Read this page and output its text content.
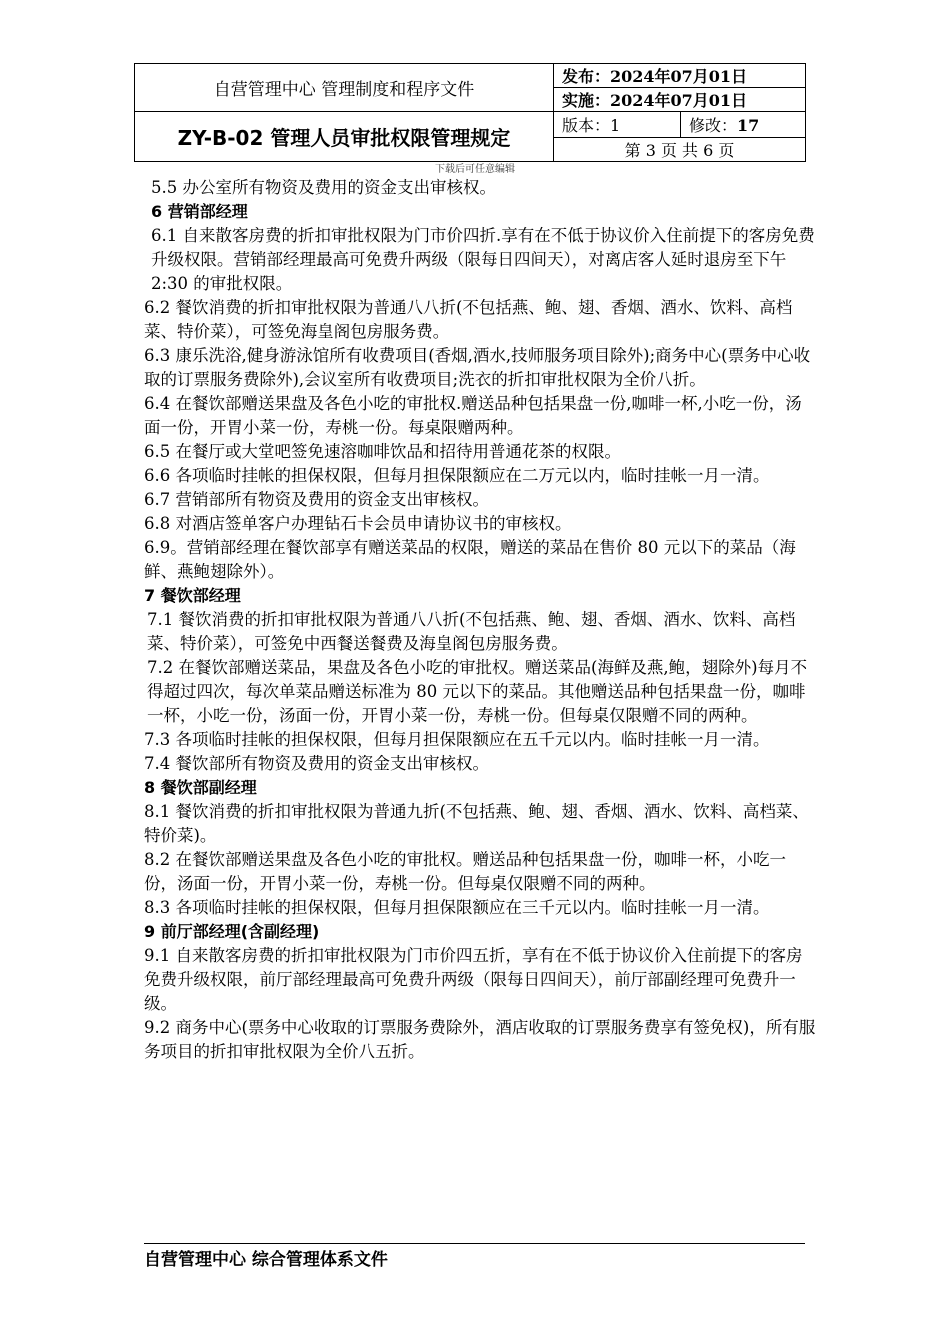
自营管理中心 管理制度和程序文件	发布：2024年07月01日	
	实施：2024年07月01日	
ZY-B-02 管理人员审批权限管理规定	版本：1	修改：17
	第 3 页 共 6 页	
下载后可任意编辑

5.5 办公室所有物资及费用的资金支出审核权。

6 营销部经理

6.1 自来散客房费的折扣审批权限为门市价四折.享有在不低于协议价入住前提下的客房免费升级权限。营销部经理最高可免费升两级（限每日四间天），对离店客人延时退房至下午 2:30 的审批权限。

6.2 餐饮消费的折扣审批权限为普通八八折(不包括燕、鲍、翅、香烟、酒水、饮料、高档菜、特价菜），可签免海皇阁包房服务费。

6.3 康乐洗浴,健身游泳馆所有收费项目(香烟,酒水,技师服务项目除外);商务中心(票务中心收取的订票服务费除外),会议室所有收费项目;洗衣的折扣审批权限为全价八折。

6.4 在餐饮部赠送果盘及各色小吃的审批权.赠送品种包括果盘一份,咖啡一杯,小吃一份，汤面一份，开胃小菜一份，寿桃一份。每桌限赠两种。

6.5 在餐厅或大堂吧签免速溶咖啡饮品和招待用普通花茶的权限。

6.6 各项临时挂帐的担保权限，但每月担保限额应在二万元以内，临时挂帐一月一清。

6.7 营销部所有物资及费用的资金支出审核权。

6.8 对酒店签单客户办理钻石卡会员申请协议书的审核权。

6.9。营销部经理在餐饮部享有赠送菜品的权限，赠送的菜品在售价 80 元以下的菜品（海鲜、燕鲍翅除外）。

7 餐饮部经理

7.1 餐饮消费的折扣审批权限为普通八八折(不包括燕、鲍、翅、香烟、酒水、饮料、高档菜、特价菜），可签免中西餐送餐费及海皇阁包房服务费。

7.2 在餐饮部赠送菜品，果盘及各色小吃的审批权。赠送菜品(海鲜及燕,鲍，翅除外)每月不得超过四次，每次单菜品赠送标准为 80 元以下的菜品。其他赠送品种包括果盘一份，咖啡一杯，小吃一份，汤面一份，开胃小菜一份，寿桃一份。但每桌仅限赠不同的两种。

7.3 各项临时挂帐的担保权限，但每月担保限额应在五千元以内。临时挂帐一月一清。

7.4 餐饮部所有物资及费用的资金支出审核权。

8 餐饮部副经理

8.1 餐饮消费的折扣审批权限为普通九折(不包括燕、鲍、翅、香烟、酒水、饮料、高档菜、特价菜)。

8.2 在餐饮部赠送果盘及各色小吃的审批权。赠送品种包括果盘一份，咖啡一杯，小吃一份，汤面一份，开胃小菜一份，寿桃一份。但每桌仅限赠不同的两种。

8.3 各项临时挂帐的担保权限，但每月担保限额应在三千元以内。临时挂帐一月一清。

9 前厅部经理(含副经理)

9.1 自来散客房费的折扣审批权限为门市价四五折，享有在不低于协议价入住前提下的客房免费升级权限，前厅部经理最高可免费升两级（限每日四间天），前厅部副经理可免费升一级。

9.2 商务中心(票务中心收取的订票服务费除外，酒店收取的订票服务费享有签免权)，所有服务项目的折扣审批权限为全价八五折。

自营管理中心 综合管理体系文件
